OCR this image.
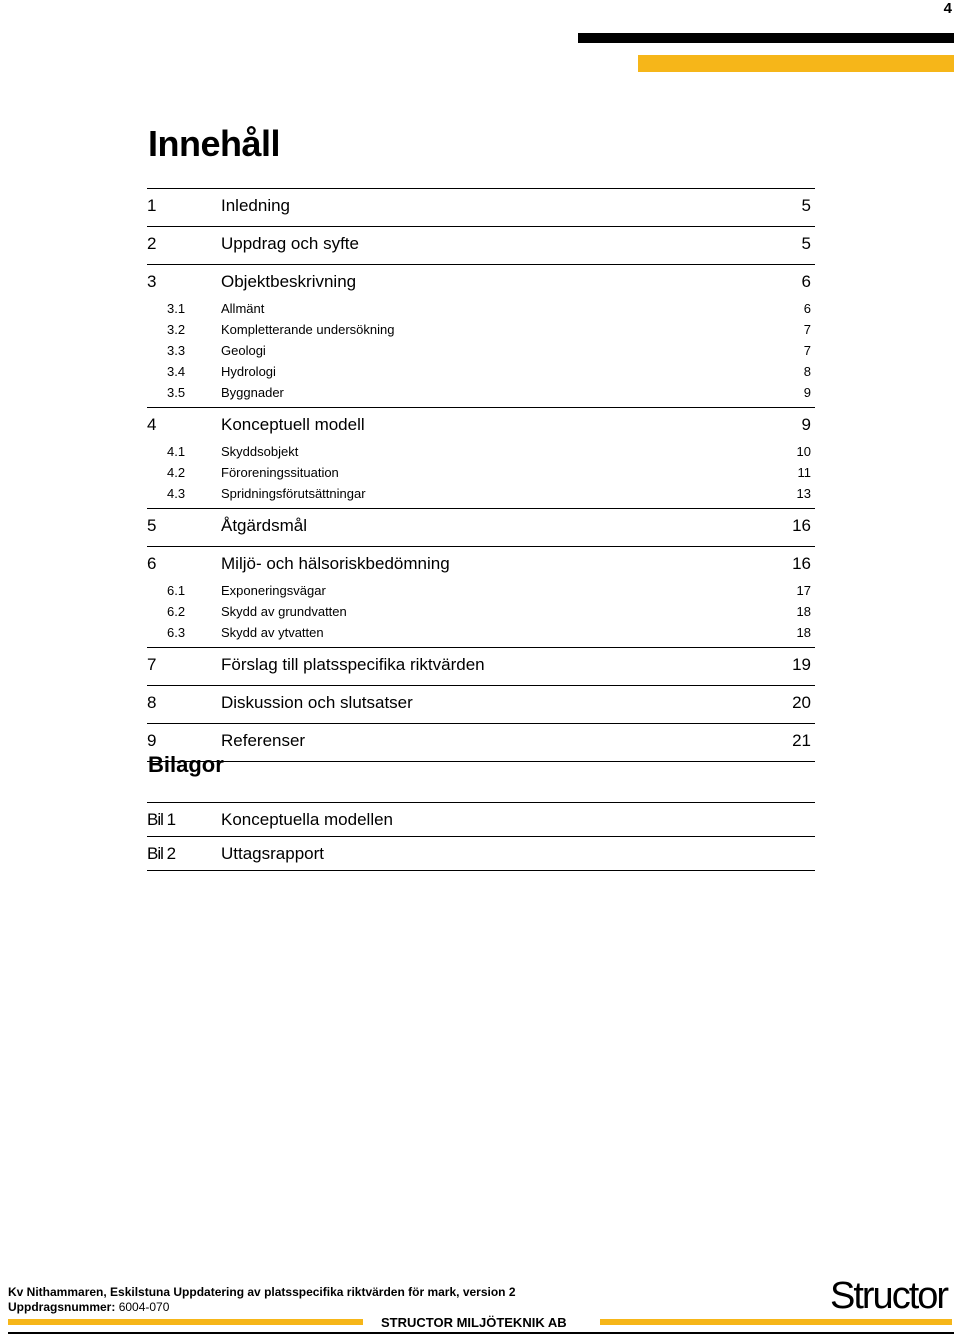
4
Innehåll
1	Inledning	5
2	Uppdrag och syfte	5
3	Objektbeskrivning	6
3.1	Allmänt	6
3.2	Kompletterande undersökning	7
3.3	Geologi	7
3.4	Hydrologi	8
3.5	Byggnader	9
4	Konceptuell modell	9
4.1	Skyddsobjekt	10
4.2	Föroreningssituation	11
4.3	Spridningsförutsättningar	13
5	Åtgärdsmål	16
6	Miljö- och hälsoriskbedömning	16
6.1	Exponeringsvägar	17
6.2	Skydd av grundvatten	18
6.3	Skydd av ytvatten	18
7	Förslag till platsspecifika riktvärden	19
8	Diskussion och slutsatser	20
9	Referenser	21
Bilagor
Bil 1	Konceptuella modellen
Bil 2	Uttagsrapport
Kv Nithammaren, Eskilstuna Uppdatering av platsspecifika riktvärden för mark, version 2
Uppdragsnummer: 6004-070
STRUCTOR MILJÖTEKNIK AB
Structor
